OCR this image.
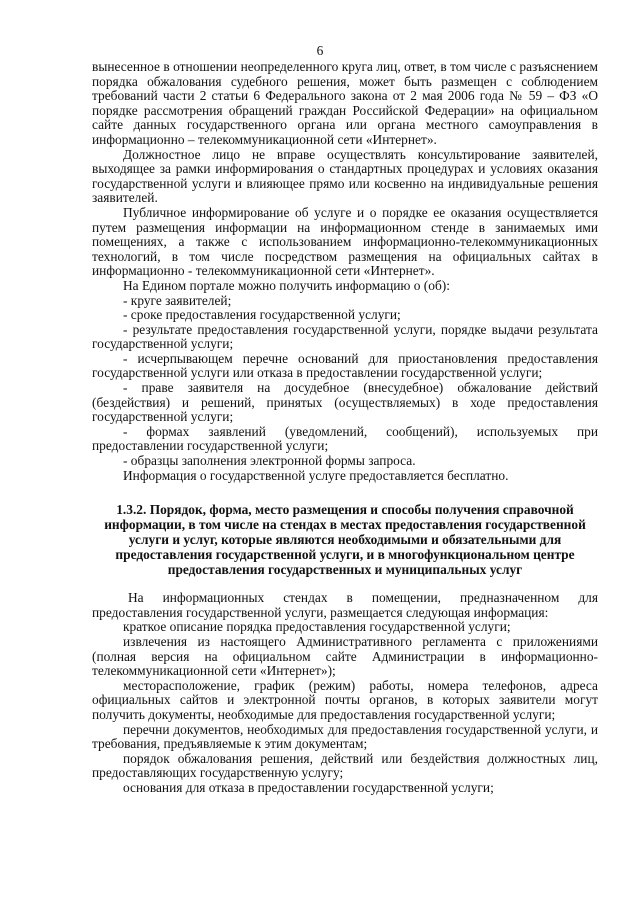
6

вынесенное в отношении неопределенного круга лиц, ответ, в том числе с разъяснением порядка обжалования судебного решения, может быть размещен с соблюдением требований части 2 статьи 6 Федерального закона от 2 мая 2006 года № 59 – ФЗ «О порядке рассмотрения обращений граждан Российской Федерации» на официальном сайте данных государственного органа или органа местного самоуправления в информационно – телекоммуникационной сети «Интернет».

Должностное лицо не вправе осуществлять консультирование заявителей, выходящее за рамки информирования о стандартных процедурах и условиях оказания государственной услуги и влияющее прямо или косвенно на индивидуальные решения заявителей.

Публичное информирование об услуге и о порядке ее оказания осуществляется путем размещения информации на информационном стенде в занимаемых ими помещениях, а также с использованием информационно-телекоммуникационных технологий, в том числе посредством размещения на официальных сайтах в информационно - телекоммуникационной сети «Интернет».

На Едином портале можно получить информацию о (об):

- круге заявителей;

- сроке предоставления государственной услуги;

- результате предоставления государственной услуги, порядке выдачи результата государственной услуги;

- исчерпывающем перечне оснований для приостановления предоставления государственной услуги или отказа в предоставлении государственной услуги;

- праве заявителя на досудебное (внесудебное) обжалование действий (бездействия) и решений, принятых (осуществляемых) в ходе предоставления государственной услуги;

- формах заявлений (уведомлений, сообщений), используемых при предоставлении государственной услуги;

- образцы заполнения электронной формы запроса.

Информация о государственной услуге предоставляется бесплатно.

1.3.2. Порядок, форма, место размещения и способы получения справочной информации, в том числе на стендах в местах предоставления государственной услуги и услуг, которые являются необходимыми и обязательными для предоставления государственной услуги, и в многофункциональном центре предоставления государственных и муниципальных услуг

На информационных стендах в помещении, предназначенном для предоставления государственной услуги, размещается следующая информация:

краткое описание порядка предоставления государственной услуги;

извлечения из настоящего Административного регламента с приложениями (полная версия на официальном сайте Администрации в информационно-телекоммуникационной сети «Интернет»);

месторасположение, график (режим) работы, номера телефонов, адреса официальных сайтов и электронной почты органов, в которых заявители могут получить документы, необходимые для предоставления государственной услуги;

перечни документов, необходимых для предоставления государственной услуги, и требования, предъявляемые к этим документам;

порядок обжалования решения, действий или бездействия должностных лиц, предоставляющих государственную услугу;

основания для отказа в предоставлении государственной услуги;
